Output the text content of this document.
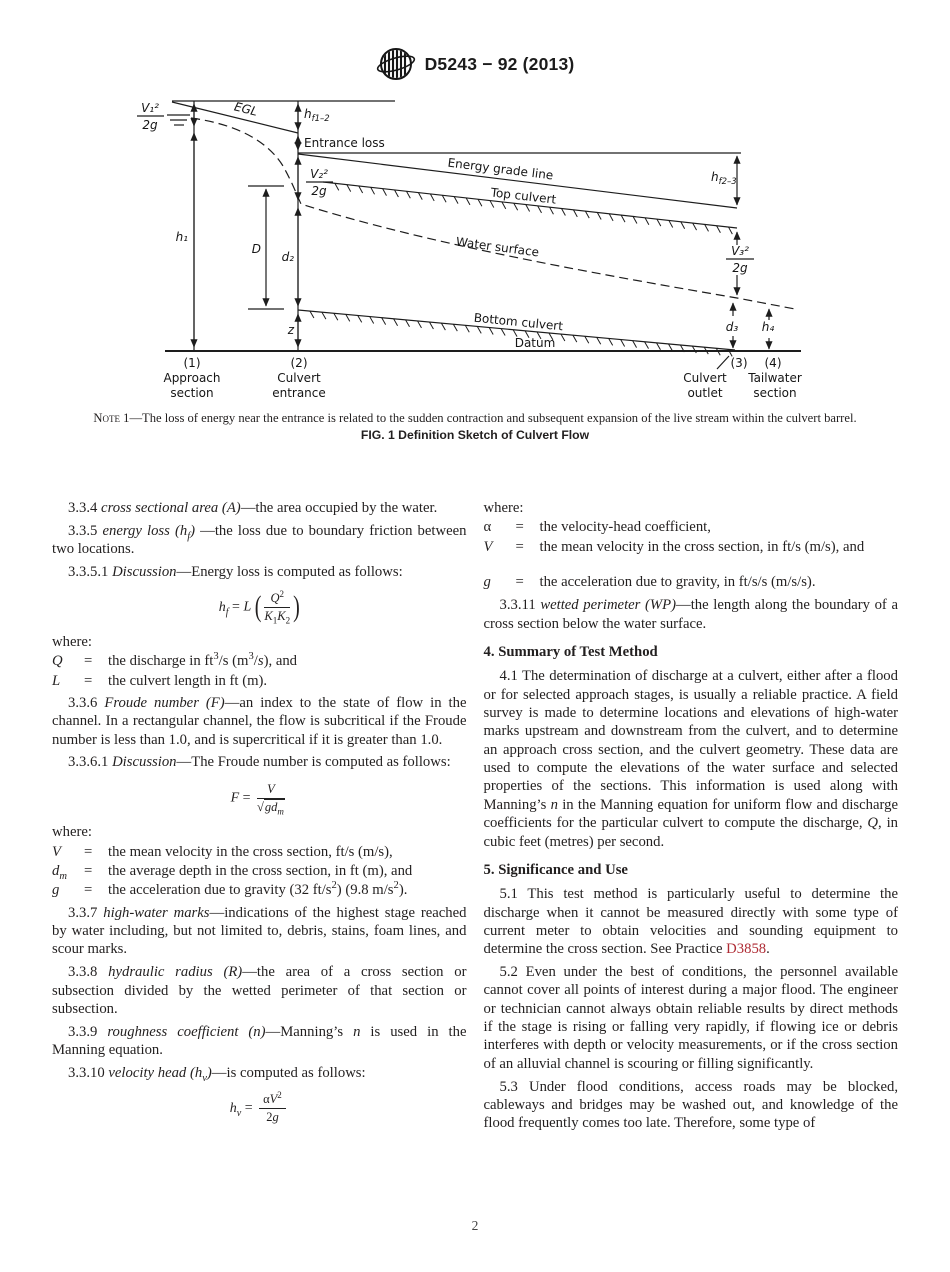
D5243 − 92 (2013)
V₁²
2g
EGL	$h_{f1-2}$
Entrance loss
Energy grade line
Top culvert
V₂²
2g
Water surface
$h_{f2-3}$
V₃²
2g
h₁
D
d₂
z	Bottom culvert
Datum
d₃ h₄
(1)
Approach
section
(2)
Culvert
entrance
(3)
Culvert
outlet
(4)
Tailwater
section
Note 1—The loss of energy near the entrance is related to the sudden contraction and subsequent expansion of the live stream within the culvert barrel.
FIG. 1 Definition Sketch of Culvert Flow

3.3.4 cross sectional area (A)—the area occupied by the water.

3.3.5 energy loss $(h_f)$ —the loss due to boundary friction between two locations.

3.3.5.1 Discussion—Energy loss is computed as follows:

$h_f = L$ ( $\frac{Q^2}{K_1K_2}$ )

where:

Q	=	the discharge in $ft^3/s$ $(m^3/s)$, and
L	=	the culvert length in ft (m).

3.3.6 Froude number (F)—an index to the state of flow in the channel. In a rectangular channel, the flow is subcritical if the Froude number is less than 1.0, and is supercritical if it is greater than 1.0.

3.3.6.1 Discussion—The Froude number is computed as follows:

$F = \frac{V}{√gd_m}$

where:

V	=	the mean velocity in the cross section, ft/s (m/s),
$d_m$	=	the average depth in the cross section, in ft (m), and
g	=	the acceleration due to gravity (32 $ft/s^2$) (9.8 $m/s^2$).

3.3.7 high-water marks—indications of the highest stage reached by water including, but not limited to, debris, stains, foam lines, and scour marks.

3.3.8 hydraulic radius (R)—the area of a cross section or subsection divided by the wetted perimeter of that section or subsection.

3.3.9 roughness coefficient (n)—Manning’s n is used in the Manning equation.

3.3.10 velocity head $(h_v)—is$ computed as follows:

$h_v = \frac{\alpha V^2}{2g}$

where:

α	=	the velocity-head coefficient,
V	=	the mean velocity in the cross section, in ft/s (m/s), and
g	=	the acceleration due to gravity, in ft/s/s (m/s/s).

3.3.11 wetted perimeter (WP)—the length along the boundary of a cross section below the water surface.

4. Summary of Test Method

4.1 The determination of discharge at a culvert, either after a flood or for selected approach stages, is usually a reliable practice. A field survey is made to determine locations and elevations of high-water marks upstream and downstream from the culvert, and to determine an approach cross section, and the culvert geometry. These data are used to compute the elevations of the water surface and selected properties of the sections. This information is used along with Manning’s n in the Manning equation for uniform flow and discharge coefficients for the particular culvert to compute the discharge, Q, in cubic feet (metres) per second.

5. Significance and Use

5.1 This test method is particularly useful to determine the discharge when it cannot be measured directly with some type of current meter to obtain velocities and sounding equipment to determine the cross section. See Practice D3858.

5.2 Even under the best of conditions, the personnel available cannot cover all points of interest during a major flood. The engineer or technician cannot always obtain reliable results by direct methods if the stage is rising or falling very rapidly, if flowing ice or debris interferes with depth or velocity measurements, or if the cross section of an alluvial channel is scouring or filling significantly.

5.3 Under flood conditions, access roads may be blocked, cableways and bridges may be washed out, and knowledge of the flood frequently comes too late. Therefore, some type of

2
